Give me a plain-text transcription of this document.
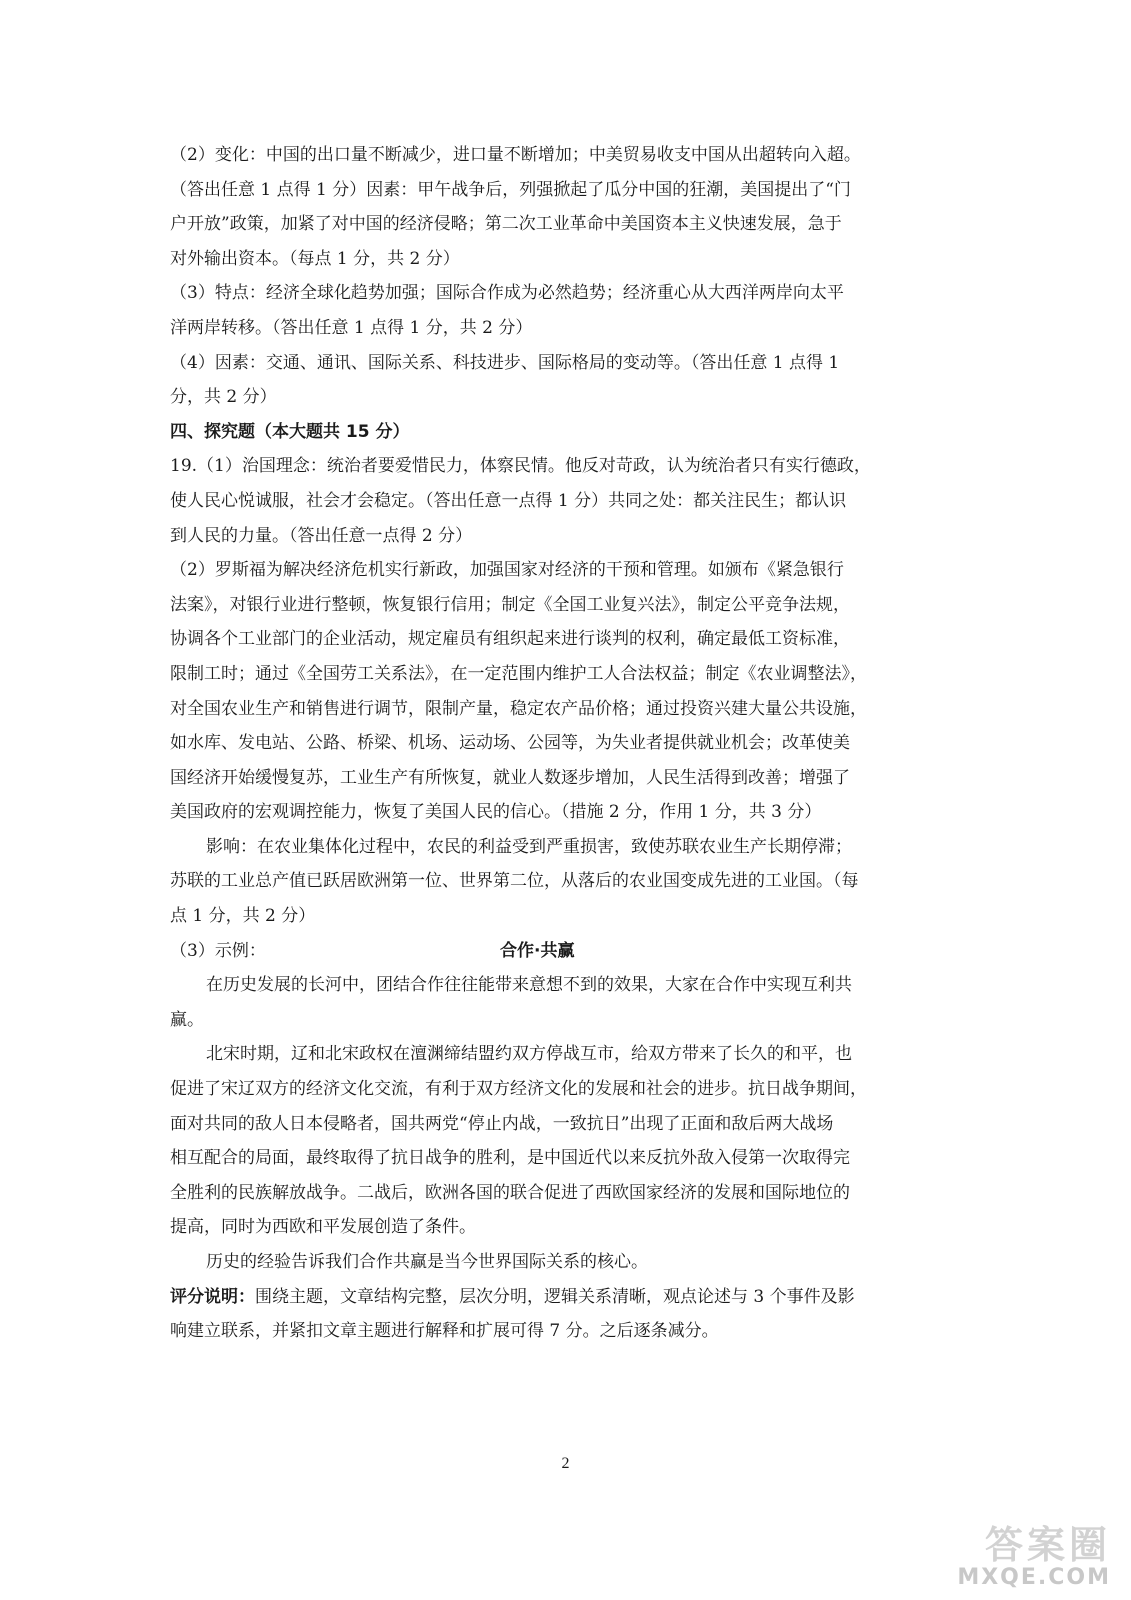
（2）变化：中国的出口量不断减少，进口量不断增加；中美贸易收支中国从出超转向入超。
（答出任意 1 点得 1 分）因素：甲午战争后，列强掀起了瓜分中国的狂潮，美国提出了“门
户开放”政策，加紧了对中国的经济侵略；第二次工业革命中美国资本主义快速发展，急于
对外输出资本。（每点 1 分，共 2 分）
（3）特点：经济全球化趋势加强；国际合作成为必然趋势；经济重心从大西洋两岸向太平
洋两岸转移。（答出任意 1 点得 1 分，共 2 分）
（4）因素：交通、通讯、国际关系、科技进步、国际格局的变动等。（答出任意 1 点得 1
分，共 2 分）
四、探究题（本大题共 15 分）
19.（1）治国理念：统治者要爱惜民力，体察民情。他反对苛政，认为统治者只有实行德政，
使人民心悦诚服，社会才会稳定。（答出任意一点得 1 分）共同之处：都关注民生；都认识
到人民的力量。（答出任意一点得 2 分）
（2）罗斯福为解决经济危机实行新政，加强国家对经济的干预和管理。如颁布《紧急银行
法案》，对银行业进行整顿，恢复银行信用；制定《全国工业复兴法》，制定公平竞争法规，
协调各个工业部门的企业活动，规定雇员有组织起来进行谈判的权利，确定最低工资标准，
限制工时；通过《全国劳工关系法》，在一定范围内维护工人合法权益；制定《农业调整法》，
对全国农业生产和销售进行调节，限制产量，稳定农产品价格；通过投资兴建大量公共设施，
如水库、发电站、公路、桥梁、机场、运动场、公园等，为失业者提供就业机会；改革使美
国经济开始缓慢复苏，工业生产有所恢复，就业人数逐步增加，人民生活得到改善；增强了
美国政府的宏观调控能力，恢复了美国人民的信心。（措施 2 分，作用 1 分，共 3 分）
影响：在农业集体化过程中，农民的利益受到严重损害，致使苏联农业生产长期停滞；
苏联的工业总产值已跃居欧洲第一位、世界第二位，从落后的农业国变成先进的工业国。（每
点 1 分，共 2 分）
（3）示例：	合作·共赢
在历史发展的长河中，团结合作往往能带来意想不到的效果，大家在合作中实现互利共
赢。
北宋时期，辽和北宋政权在澶渊缔结盟约双方停战互市，给双方带来了长久的和平，也
促进了宋辽双方的经济文化交流，有利于双方经济文化的发展和社会的进步。抗日战争期间，
面对共同的敌人日本侵略者，国共两党“停止内战，一致抗日”出现了正面和敌后两大战场
相互配合的局面，最终取得了抗日战争的胜利，是中国近代以来反抗外敌入侵第一次取得完
全胜利的民族解放战争。二战后，欧洲各国的联合促进了西欧国家经济的发展和国际地位的
提高，同时为西欧和平发展创造了条件。
历史的经验告诉我们合作共赢是当今世界国际关系的核心。
评分说明：围绕主题，文章结构完整，层次分明，逻辑关系清晰，观点论述与 3 个事件及影
响建立联系，并紧扣文章主题进行解释和扩展可得 7 分。之后逐条减分。
2
答案圈
MXQE.COM
